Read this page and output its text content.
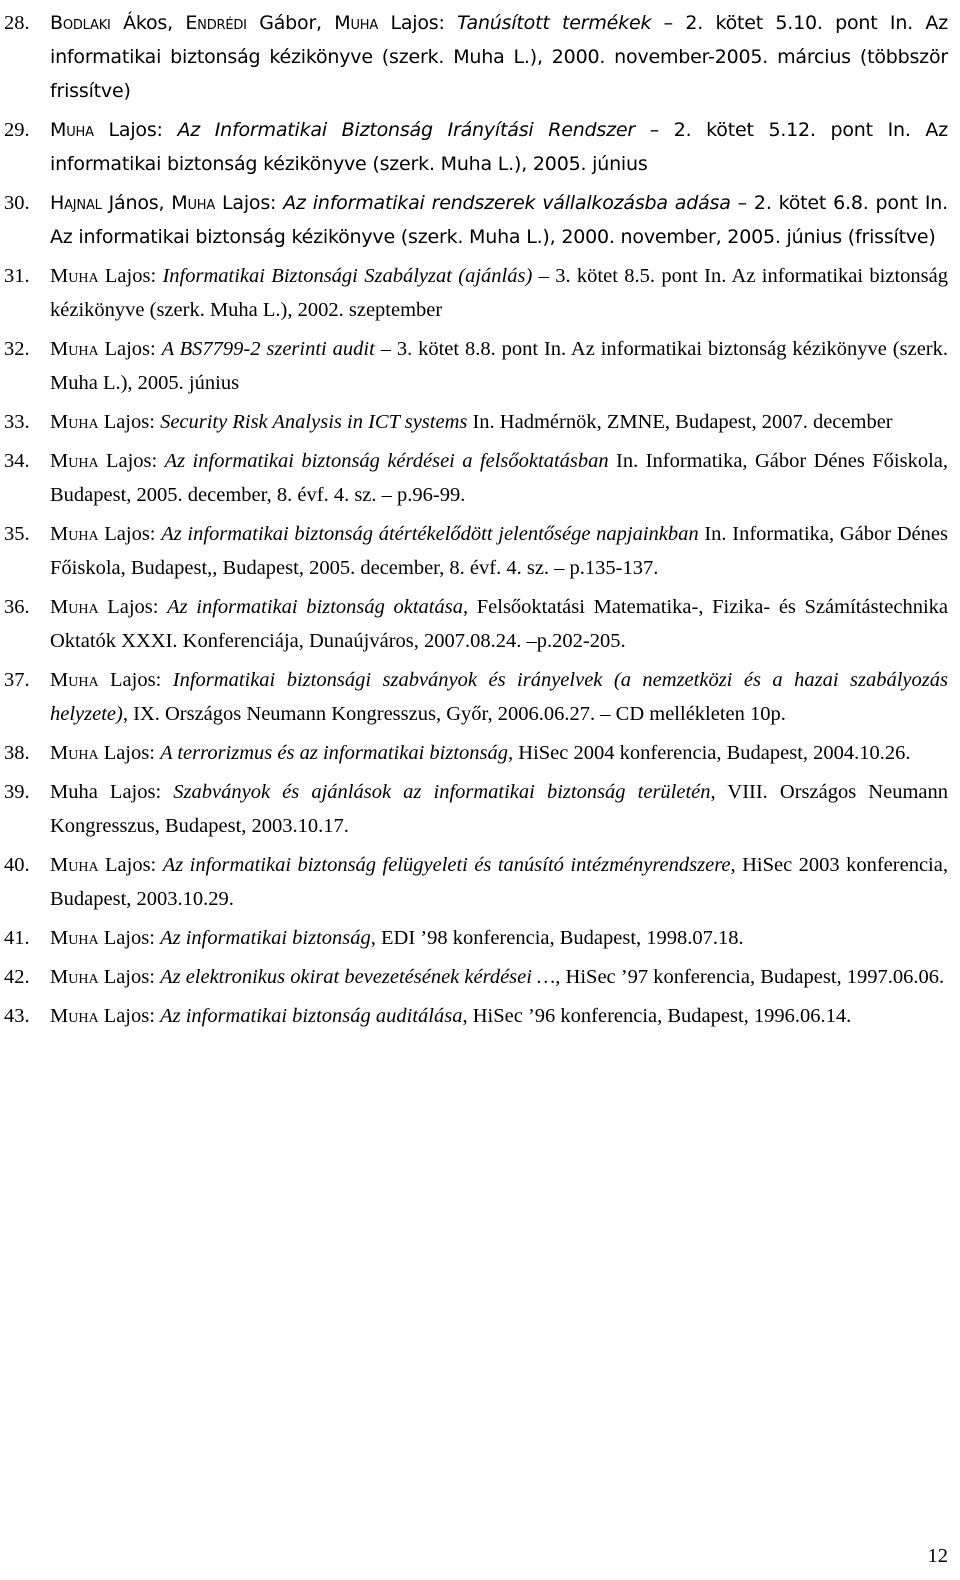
28.	Bodlaki Ákos, Endrédi Gábor, Muha Lajos: Tanúsított termékek – 2. kötet 5.10. pont In. Az informatikai biztonság kézikönyve (szerk. Muha L.), 2000. november-2005. március (többször frissítve)
29.	Muha Lajos: Az Informatikai Biztonság Irányítási Rendszer – 2. kötet 5.12. pont In. Az informatikai biztonság kézikönyve (szerk. Muha L.), 2005. június
30.	Hajnal János, Muha Lajos: Az informatikai rendszerek vállalkozásba adása – 2. kötet 6.8. pont In. Az informatikai biztonság kézikönyve (szerk. Muha L.), 2000. november, 2005. június (frissítve)
31. Muha Lajos: Informatikai Biztonsági Szabályzat (ajánlás) – 3. kötet 8.5. pont In. Az informatikai biztonság kézikönyve (szerk. Muha L.), 2002. szeptember
32. Muha Lajos: A BS7799-2 szerinti audit – 3. kötet 8.8. pont In. Az informatikai biztonság kézikönyve (szerk. Muha L.), 2005. június
33. Muha Lajos: Security Risk Analysis in ICT systems In. Hadmérnök, ZMNE, Budapest, 2007. december
34. Muha Lajos: Az informatikai biztonság kérdései a felsőoktatásban In. Informatika, Gábor Dénes Főiskola, Budapest, 2005. december, 8. évf. 4. sz. – p.96-99.
35. Muha Lajos: Az informatikai biztonság átértékelődött jelentősége napjainkban In. Informatika, Gábor Dénes Főiskola, Budapest,, Budapest, 2005. december, 8. évf. 4. sz. – p.135-137.
36. Muha Lajos: Az informatikai biztonság oktatása, Felsőoktatási Matematika-, Fizika- és Számítástechnika Oktatók XXXI. Konferenciája, Dunaújváros, 2007.08.24. –p.202-205.
37. Muha Lajos: Informatikai biztonsági szabványok és irányelvek (a nemzetközi és a hazai szabályozás helyzete), IX. Országos Neumann Kongresszus, Győr, 2006.06.27. – CD mellékleten 10p.
38. Muha Lajos: A terrorizmus és az informatikai biztonság, HiSec 2004 konferencia, Budapest, 2004.10.26.
39. Muha Lajos: Szabványok és ajánlások az informatikai biztonság területén, VIII. Országos Neumann Kongresszus, Budapest, 2003.10.17.
40. Muha Lajos: Az informatikai biztonság felügyeleti és tanúsító intézményrendszere, HiSec 2003 konferencia, Budapest, 2003.10.29.
41. Muha Lajos: Az informatikai biztonság, EDI ’98 konferencia, Budapest, 1998.07.18.
42. Muha Lajos: Az elektronikus okirat bevezetésének kérdései …, HiSec ’97 konferencia, Budapest, 1997.06.06.
43. Muha Lajos: Az informatikai biztonság auditálása, HiSec ’96 konferencia, Budapest, 1996.06.14.
12
